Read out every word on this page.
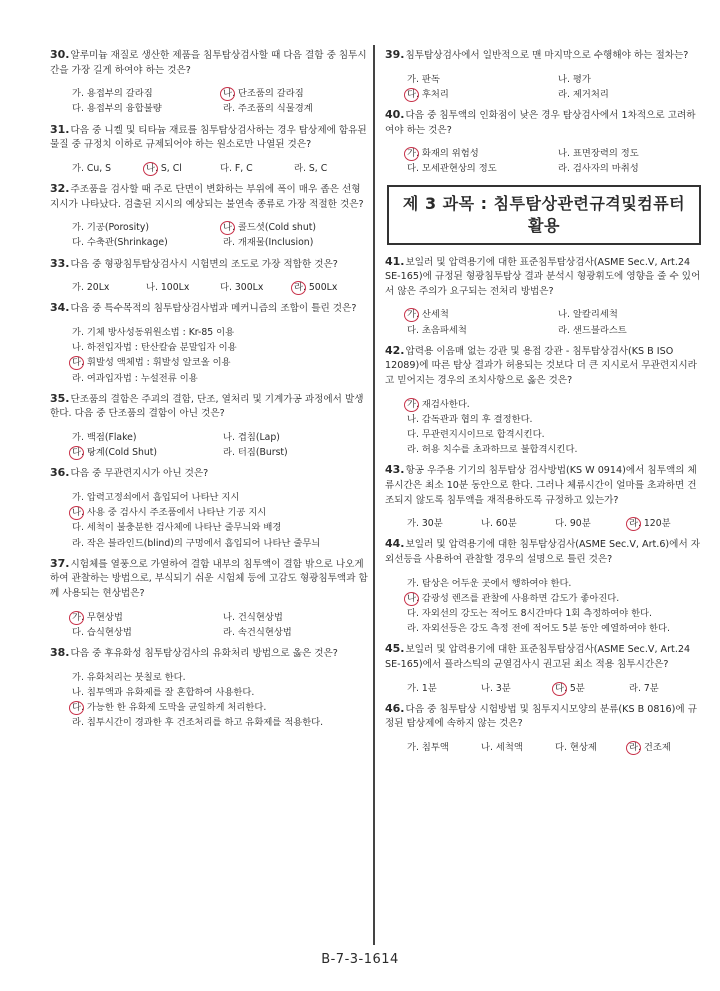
30.알루미늄 재질로 생산한 제품을 침투탐상검사할 때 다음 결함 중 침투시간을 가장 길게 하여야 하는 것은?
가. 용접부의 갈라짐	나. 단조품의 갈라짐
다. 용접부의 융합불량	라. 주조품의 식물경계
31.다음 중 니켈 및 티타늄 재료를 침투탐상검사하는 경우 탐상제에 함유된 물질 중 규정치 이하로 규제되어야 하는 원소로만 나열된 것은?
가. Cu, S	나. S, Cl	다. F, C	라. S, C
32.주조품을 검사할 때 주로 단면이 변화하는 부위에 폭이 매우 좁은 선형지시가 나타났다. 검출된 지시의 예상되는 불연속 종류로 가장 적절한 것은?
가. 기공(Porosity)	나. 콜드셧(Cold shut)
다. 수축관(Shrinkage)	라. 개재물(Inclusion)
33.다음 중 형광침투탐상검사시 시험면의 조도로 가장 적합한 것은?
가. 20Lx	나. 100Lx	다. 300Lx	라. 500Lx
34.다음 중 특수목적의 침투탐상검사법과 메커니즘의 조합이 틀린 것은?
가. 기체 방사성동위원소법 : Kr-85 이용
나. 하전입자법 : 탄산칼슘 분말입자 이용
다. 휘발성 액체법 : 휘발성 알코올 이용
라. 여과입자법 : 누설전류 이용
35.단조품의 결함은 주괴의 결함, 단조, 열처리 및 기계가공 과정에서 발생한다. 다음 중 단조품의 결함이 아닌 것은?
가. 백점(Flake)	나. 겹침(Lap)
다. 탕계(Cold Shut)	라. 터짐(Burst)
36.다음 중 무관련지시가 아닌 것은?
가. 압력고정쇠에서 흡입되어 나타난 지시
나. 사용 중 검사시 주조품에서 나타난 기공 지시
다. 세척이 불충분한 검사체에 나타난 줄무늬와 배경
라. 작은 블라인드(blind)의 구멍에서 흡입되어 나타난 줄무늬
37.시험체를 열풍으로 가열하여 결함 내부의 침투액이 결함 밖으로 나오게 하여 관찰하는 방법으로, 부식되기 쉬운 시험체 등에 고감도 형광침투액과 함께 사용되는 현상법은?
가. 무현상법	나. 건식현상법
다. 습식현상법	라. 속건식현상법
38.다음 중 후유화성 침투탐상검사의 유화처리 방법으로 옳은 것은?
가. 유화처리는 붓칠로 한다.
나. 침투액과 유화제를 잘 혼합하여 사용한다.
다. 가능한 한 유화제 도막을 균일하게 처리한다.
라. 침투시간이 경과한 후 건조처리를 하고 유화제를 적용한다.
39.침투탐상검사에서 일반적으로 맨 마지막으로 수행해야 하는 절차는?
가. 판독	나. 평가
다. 후처리	라. 제거처리
40.다음 중 침투액의 인화점이 낮은 경우 탐상검사에서 1차적으로 고려하여야 하는 것은?
가. 화재의 위험성	나. 표면장력의 정도
다. 모세관현상의 정도	라. 검사자의 마취성
제 3 과목 : 침투탐상관련규격및컴퓨터활용
41.보일러 및 압력용기에 대한 표준침투탐상검사(ASME Sec.V, Art.24 SE-165)에 규정된 형광침투탐상 결과 분석시 형광휘도에 영향을 줄 수 있어서 않은 주의가 요구되는 전처리 방법은?
가. 산세척	나. 알칼리세척
다. 초음파세척	라. 샌드블라스트
42.압력용 이음매 없는 강관 및 용접 강관 - 침투탐상검사(KS B ISO 12089)에 따른 탐상 결과가 허용되는 것보다 더 큰 지시로서 무관련지시라고 믿어지는 경우의 조치사항으로 옳은 것은?
가. 재검사한다.
나. 감독관과 협의 후 결정한다.
다. 무관련지시이므로 합격시킨다.
라. 허용 치수를 초과하므로 불합격시킨다.
43.항공 우주용 기기의 침투탐상 검사방법(KS W 0914)에서 침투액의 체류시간은 최소 10분 동안으로 한다. 그러나 체류시간이 얼마를 초과하면 건조되지 않도록 침투액을 재적용하도록 규정하고 있는가?
가. 30분	나. 60분	다. 90분	라. 120분
44.보일러 및 압력용기에 대한 침투탐상검사(ASME Sec.V, Art.6)에서 자외선등을 사용하여 관찰할 경우의 설명으로 틀린 것은?
가. 탐상은 어두운 곳에서 행하여야 한다.
나. 감광성 렌즈를 관찰에 사용하면 감도가 좋아진다.
다. 자외선의 강도는 적어도 8시간마다 1회 측정하여야 한다.
라. 자외선등은 강도 측정 전에 적어도 5분 동안 예열하여야 한다.
45.보일러 및 압력용기에 대한 표준침투탐상검사(ASME Sec.V, Art.24 SE-165)에서 플라스틱의 균열검사시 권고된 최소 적용 침투시간은?
가. 1분	나. 3분	다. 5분	라. 7분
46.다음 중 침투탐상 시험방법 및 침투지시모양의 분류(KS B 0816)에 규정된 탐상제에 속하지 않는 것은?
가. 침투액	나. 세척액	다. 현상제	라. 건조제
B-7-3-1614
